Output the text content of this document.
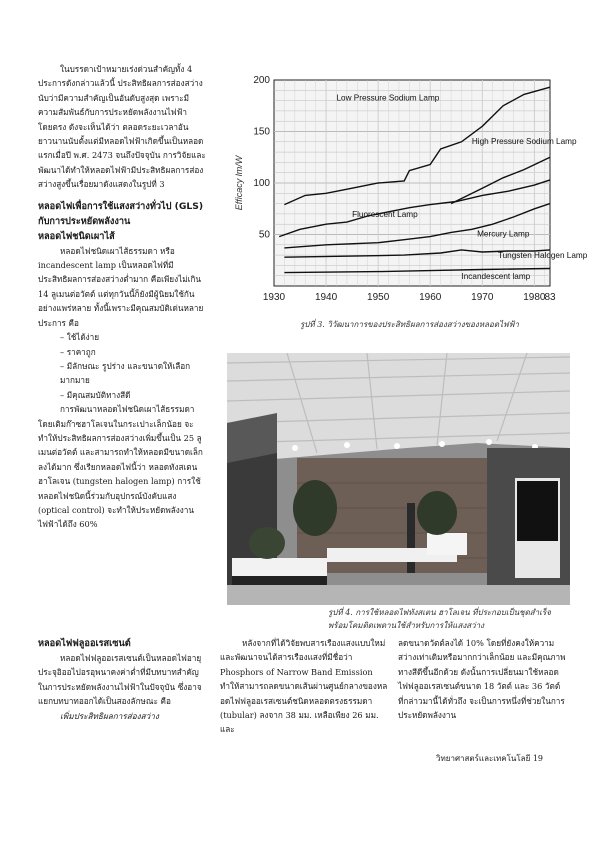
ในบรรดาเป้าหมายเร่งด่วนสำคัญทั้ง 4 ประการดังกล่าวแล้วนี้ ประสิทธิผลการส่องสว่างนับว่ามีความสำคัญเป็นอันดับสูงสุด เพราะมีความสัมพันธ์กับการประหยัดพลังงานไฟฟ้าโดยตรง ดังจะเห็นได้ว่า ตลอดระยะเวลาอันยาวนานนับตั้งแต่มีหลอดไฟฟ้าเกิดขึ้นเป็นหลอดแรกเมื่อปี พ.ศ. 2473 จนถึงปัจจุบัน การวิจัยและพัฒนาได้ทำให้หลอดไฟฟ้ามีประสิทธิผลการส่องสว่างสูงขึ้นเรื่อยมาดังแสดงในรูปที่ 3

หลอดไฟเพื่อการใช้แสงสว่างทั่วไป (GLS) กับการประหยัดพลังงาน

หลอดไฟชนิดเผาไส้

หลอดไฟชนิดเผาไส้ธรรมดา หรือ incandescent lamp เป็นหลอดไฟที่มีประสิทธิผลการส่องสว่างต่ำมาก คือเพียงไม่เกิน 14 ลูเมนต่อวัตต์ แต่ทุกวันนี้ก็ยังมีผู้นิยมใช้กันอย่างแพร่หลาย ทั้งนี้เพราะมีคุณสมบัติเด่นหลายประการ คือ

– ใช้ได้ง่าย

– ราคาถูก

– มีลักษณะ รูปร่าง และขนาดให้เลือกมากมาย

– มีคุณสมบัติทางสีดี

การพัฒนาหลอดไฟชนิดเผาไส้ธรรมดา โดยเติมก๊าซฮาโลเจนในกระเปาะเล็กน้อย จะทำให้ประสิทธิผลการส่องสว่างเพิ่มขึ้นเป็น 25 ลูเมนต่อวัตต์ และสามารถทำให้หลอดมีขนาดเล็กลงได้มาก ซึ่งเรียกหลอดไฟนี้ว่า หลอดทังสเตน ฮาโลเจน (tungsten halogen lamp) การใช้หลอดไฟชนิดนี้ร่วมกับอุปกรณ์บังคับแสง (optical control) จะทำให้ประหยัดพลังงานไฟฟ้าได้ถึง 60%

หลอดไฟฟลูออเรสเซนต์

หลอดไฟฟลูออเรสเซนต์เป็นหลอดไฟอายุประจุอิออไปอรอุพนาคงค่าต่ำที่มีบทบาทสำคัญในการประหยัดพลังงานไฟฟ้าในปัจจุบัน ซึ่งอาจแยกบทบาทออกได้เป็นสองลักษณะ คือ

เพิ่มประสิทธิผลการส่องสว่าง

50
100
150
200
1930	1940	1950	1960	1970	1980
83
Efficacy lm/W
Low Pressure Sodium Lamp
High Pressure Sodium Lamp
Fluorescent Lamp
Mercury Lamp
Tungsten Halogen Lamp
Incandescent lamp
รูปที่ 3. วิวัฒนาการของประสิทธิผลการส่องสว่างของหลอดไฟฟ้า
รูปที่ 4. การใช้หลอดไฟทังสเตน ฮาโลเจน ที่ประกอบเป็นชุดสำเร็จพร้อมโคมติดเพดานใช้สำหรับการให้แสงสว่าง

หลังจากที่ได้วิจัยพบสารเรืองแสงแบบใหม่ และพัฒนาจนได้สารเรืองแสงที่มีชื่อว่า Phosphors of Narrow Band Emission ทำให้สามารถลดขนาดเส้นผ่านศูนย์กลางของหลอดไฟฟลูออเรสเซนต์ชนิดหลอดตรงธรรมดา (tubular) ลงจาก 38 มม. เหลือเพียง 26 มม. และ

ลดขนาดวัตต์ลงได้ 10% โดยที่ยังคงให้ความสว่างเท่าเดิมหรือมากกว่าเล็กน้อย และมีคุณภาพทางสีดีขึ้นอีกด้วย ดังนั้นการเปลี่ยนมาใช้หลอดไฟฟลูออเรสเซนต์ขนาด 18 วัตต์ และ 36 วัตต์ ที่กล่าวมานี้ได้ทั่วถึง จะเป็นการหนึ่งที่ช่วยในการประหยัดพลังงาน

วิทยาศาสตร์และเทคโนโลยี 19
